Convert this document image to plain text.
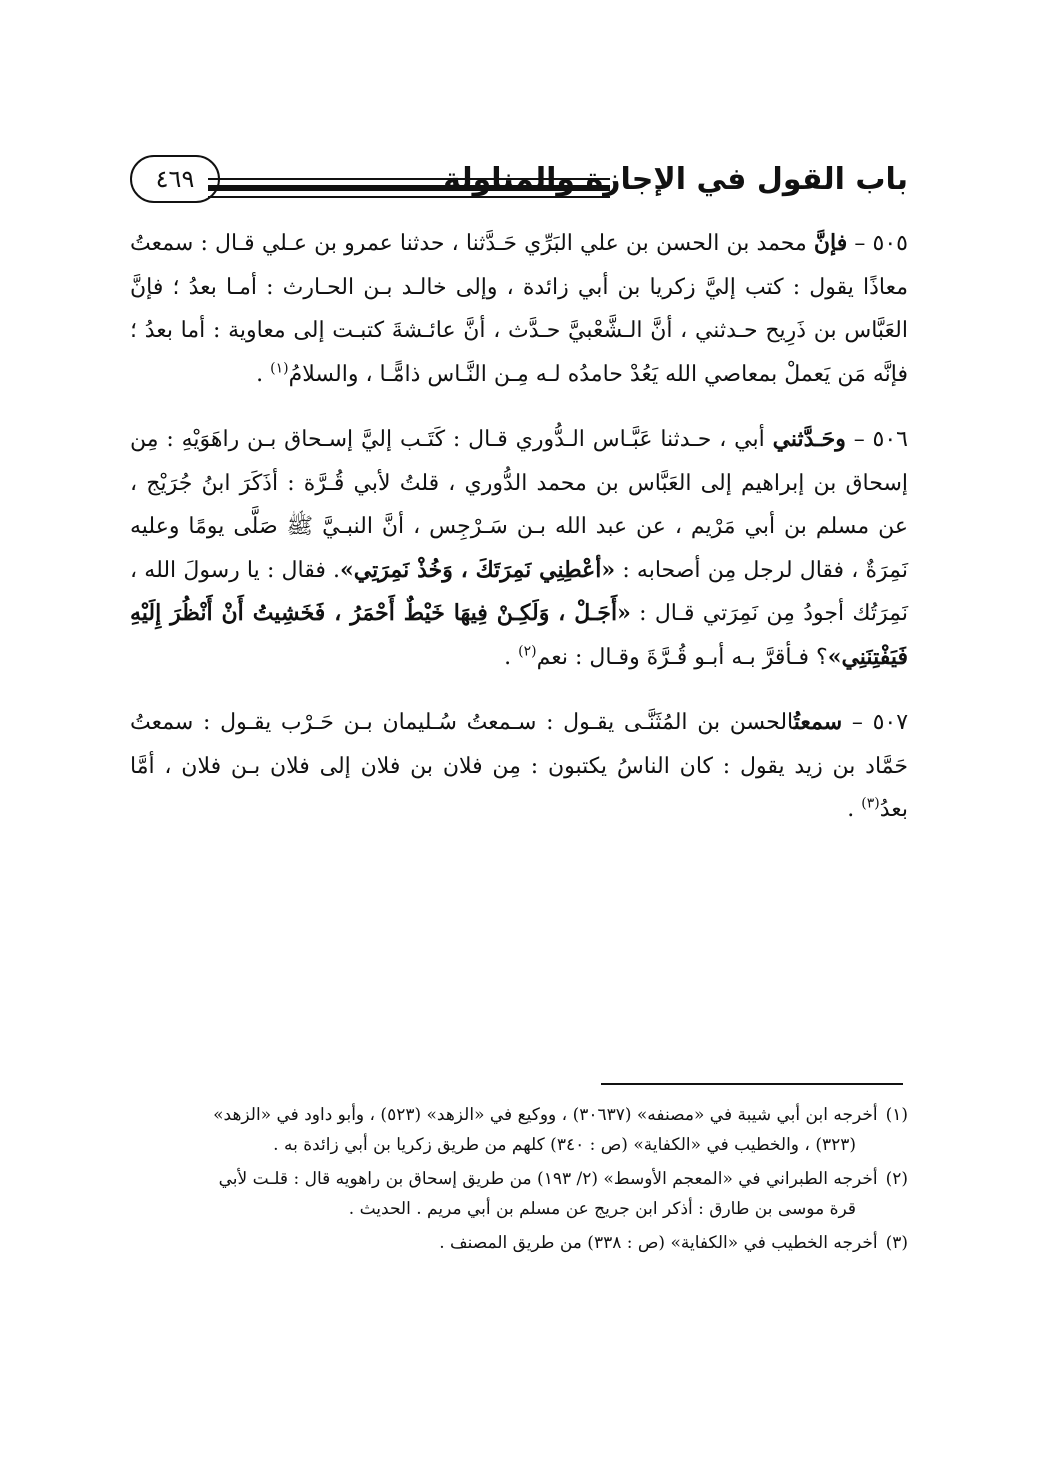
باب القول في الإجازة والمناولة
٤٦٩

٥٠٥ – فإنَّ محمد بن الحسن بن علي البَرِّي حَـدَّثنا ، حدثنا عمرو بن عـلي قـال : سمعتُ معاذًا يقول : كتب إليَّ زكريا بن أبي زائدة ، وإلى خالـد بـن الحـارث : أمـا بعدُ ؛ فإنَّ العَبَّاس بن ذَرِيح حـدثني ، أنَّ الـشَّعْبيَّ حـدَّث ، أنَّ عائـشةَ كتبـت إلى معاوية : أما بعدُ ؛ فإنَّه مَن يَعملْ بمعاصي الله يَعُدْ حامدُه لـه مِـن النَّـاس ذامًّـا ، والسلامُ$^{(١)}$ .

٥٠٦ – وحَـدَّثني أبي ، حـدثنا عَبَّـاس الـدُّوري قـال : كَتَـب إليَّ إسـحاق بـن راهَوَيْهِ : مِن إسحاق بن إبراهيم إلى العَبَّاس بن محمد الدُّوري ، قلتُ لأبي قُـرَّة : أذَكَرَ ابنُ جُرَيْج ، عن مسلم بن أبي مَرْيم ، عن عبد الله بـن سَـرْجِس ، أنَّ النبـيَّ ﷺ صَلَّى يومًا وعليه نَمِرَةٌ ، فقال لرجل مِن أصحابه : «أعْطِنِي نَمِرَتَكَ ، وَخُذْ نَمِرَتِي». فقال : يا رسولَ الله ، نَمِرَتُك أجودُ مِن نَمِرَتي قـال : «أَجَـلْ ، وَلَكِـنْ فِيهَا خَيْطٌ أَحْمَرُ ، فَخَشِيتُ أَنْ أَنْظُرَ إِلَيْهِ فَيَفْتِنَنِي»؟ فـأقرَّ بـه أبـو قُـرَّةَ وقـال : نعم$^{(٢)}$ .

٥٠٧ – سمعتُالحسن بن المُثَنَّـى يقـول : سـمعتُ سُـليمان بـن حَـرْب يقـول : سمعتُ حَمَّاد بن زيد يقول : كان الناسُ يكتبون : مِن فلان بن فلان إلى فلان بـن فلان ، أمَّا بعدُ$^{(٣)}$ .

(١)أخرجه ابن أبي شيبة في «مصنفه» (٣٠٦٣٧) ، ووكيع في «الزهد» (٥٢٣) ، وأبو داود في «الزهد»
(٣٢٣) ، والخطيب في «الكفاية» (ص : ٣٤٠) كلهم من طريق زكريا بن أبي زائدة به .
(٢)أخرجه الطبراني في «المعجم الأوسط» (٢/ ١٩٣) من طريق إسحاق بن راهويه قال : قلـت لأبي
قرة موسى بن طارق : أذكر ابن جريج عن مسلم بن أبي مريم . الحديث .
(٣)أخرجه الخطيب في «الكفاية» (ص : ٣٣٨) من طريق المصنف .
